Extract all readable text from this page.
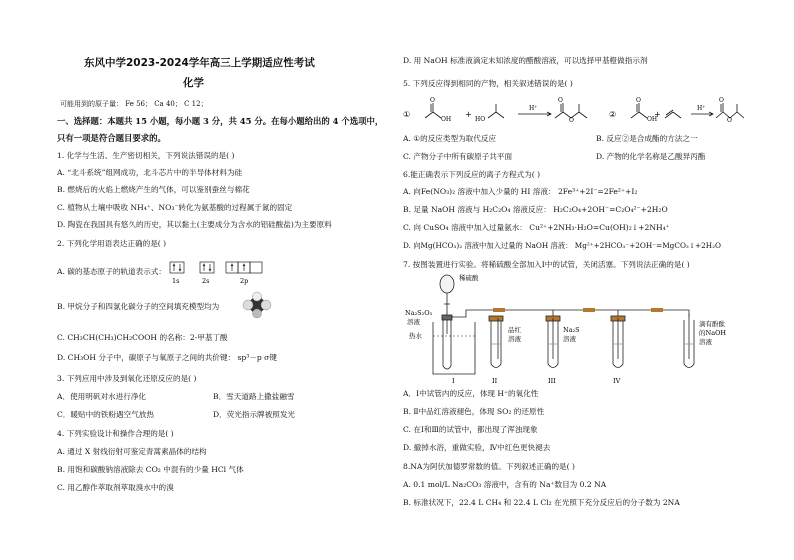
东风中学2023-2024学年高三上学期适应性考试
化学
可能用到的原子量： Fe 56； Ca 40； C 12；
一、选择题：本题共 15 小题，每小题 3 分，共 45 分。在每小题给出的 4 个选项中，
只有一项是符合题目要求的。
1. 化学与生活、生产密切相关，下列说法错误的是( )
A. “北斗系统”组网成功，北斗芯片中的半导体材料为硅
B. 燃烧后的火焰上燃烧产生的气体，可以鉴别蚕丝与棉花
C. 植物从土壤中吸收 NH₄⁺、NO₃⁻转化为氨基酸的过程属于氮的固定
D. 陶瓷在我国具有悠久的历史，其以黏土(主要成分为含水的铝硅酸盐)为主要原料
2. 下列化学用语表达正确的是( )
A. 碳的基态原子的轨道表示式：
1s	2s	2p
B. 甲烷分子和四氯化碳分子的空间填充模型均为
C. CH₃CH(CH₃)CH₂COOH 的名称：2-甲基丁酸
D. CH₃OH 分子中，碳原子与氧原子之间的共价键： sp³－p σ键
3. 下列应用中涉及到氧化还原反应的是( )
A．使用明矾对水进行净化	B．雪天道路上撒盐融雪
C．暖贴中的铁粉遇空气放热	D．荧光指示牌被照发光
4. 下列实验设计和操作合理的是( )
A. 通过 X 射线衍射可鉴定青蒿素晶体的结构
B. 用饱和碳酸钠溶液除去 CO₂ 中混有的少量 HCl 气体
C. 用乙醇作萃取剂萃取溴水中的溴
D. 用 NaOH 标准液滴定未知浓度的醋酸溶液，可以选择甲基橙做指示剂
5. 下列反应得到相同的产物，相关叙述错误的是( )
①
OH
O
+
HO
H⁺
O
O
②
OH
O
+
H⁺
O
O
A. ①的反应类型为取代反应	B. 反应②是合成酯的方法之一
C. 产物分子中所有碳原子共平面	D. 产物的化学名称是乙酸异丙酯
6.能正确表示下列反应的离子方程式为( )
A. 向Fe(NO₃)₂ 溶液中加入少量的 HI 溶液： 2Fe³⁺+2I⁻=2Fe²⁺+I₂
B. 足量 NaOH 溶液与 H₂C₂O₄ 溶液反应： H₂C₂O₄+2OH⁻=C₂O₄²⁻+2H₂O
C. 向 CuSO₄ 溶液中加入过量氨水： Cu²⁺+2NH₃·H₂O=Cu(OH)₂↓+2NH₄⁺
D. 向Mg(HCO₃)₂ 溶液中加入过量的 NaOH 溶液： Mg²⁺+2HCO₃⁻+2OH⁻=MgCO₃↓+2H₂O
7. 按图装置进行实验。将稀硫酸全部加入Ⅰ中的试管，关闭活塞。下列说法正确的是( )
稀硫酸
Na₂S₂O₃
溶液
热水
品红
溶液
Na₂S
溶液
滴有酚酞
的NaOH
溶液
I	II	III	IV
A．Ⅰ中试管内的反应，体现 H⁺的氧化性
B. Ⅱ中品红溶液褪色，体现 SO₂ 的还原性
C. 在Ⅰ和Ⅲ的试管中，都出现了浑浊现象
D. 撤掉水浴，重做实验，Ⅳ中红色更快褪去
8.NA为阿伏加德罗常数的值。下列叙述正确的是( )
A. 0.1 mol/L Na₂CO₃ 溶液中，含有的 Na⁺数目为 0.2 NA
B. 标准状况下，22.4 L CH₄ 和 22.4 L Cl₂ 在光照下充分反应后的分子数为 2NA
